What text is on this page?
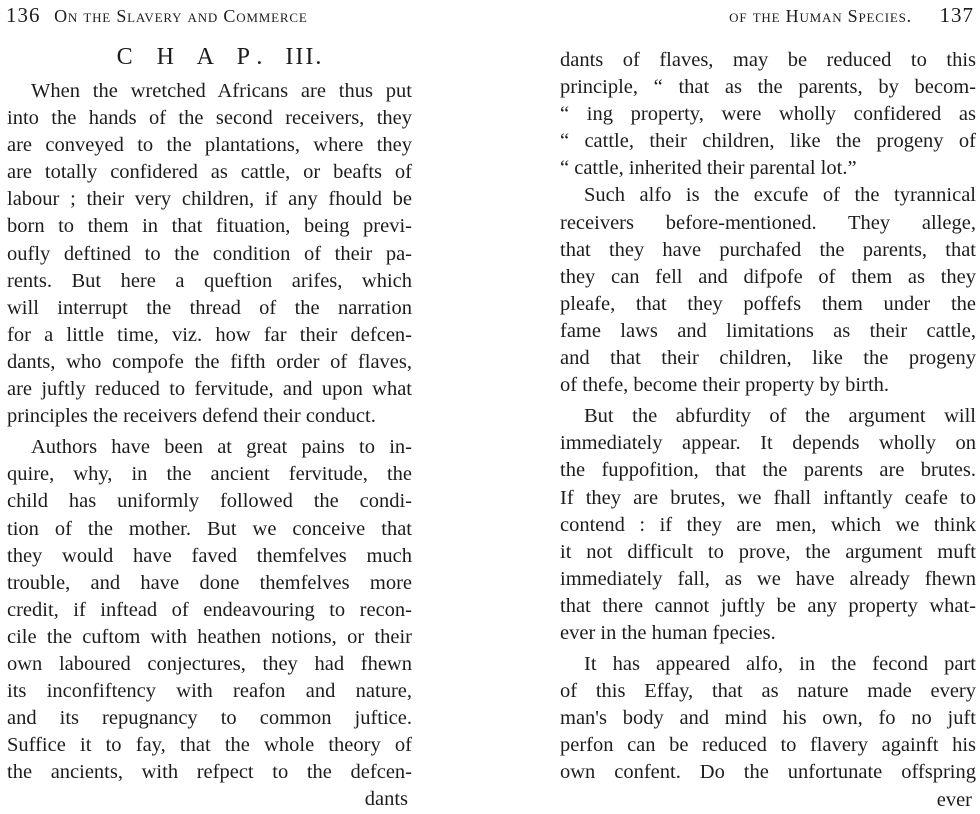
136 On the Slavery and Commerce
C H A P. III.
When the wretched Africans are thus put
into the hands of the second receivers, they
are conveyed to the plantations, where they
are totally confidered as cattle, or beafts of
labour ; their very children, if any fhould be
born to them in that fituation, being previ-
oufly deftined to the condition of their pa-
rents. But here a queftion arifes, which
will interrupt the thread of the narration
for a little time, viz. how far their defcen-
dants, who compofe the fifth order of flaves,
are juftly reduced to fervitude, and upon what
principles the receivers defend their conduct.
Authors have been at great pains to in-
quire, why, in the ancient fervitude, the
child has uniformly followed the condi-
tion of the mother. But we conceive that
they would have faved themfelves much
trouble, and have done themfelves more
credit, if inftead of endeavouring to recon-
cile the cuftom with heathen notions, or their
own laboured conjectures, they had fhewn
its inconfiftency with reafon and nature,
and its repugnancy to common juftice.
Suffice it to fay, that the whole theory of
the ancients, with refpect to the defcen-
dants
of the Human Species. 137
dants of flaves, may be reduced to this
principle, “ that as the parents, by becom-
“ ing property, were wholly confidered as
“ cattle, their children, like the progeny of
“ cattle, inherited their parental lot.”
Such alfo is the excufe of the tyrannical
receivers before-mentioned. They allege,
that they have purchafed the parents, that
they can fell and difpofe of them as they
pleafe, that they poffefs them under the
fame laws and limitations as their cattle,
and that their children, like the progeny
of thefe, become their property by birth.
But the abfurdity of the argument will
immediately appear. It depends wholly on
the fuppofition, that the parents are brutes.
If they are brutes, we fhall inftantly ceafe to
contend : if they are men, which we think
it not difficult to prove, the argument muft
immediately fall, as we have already fhewn
that there cannot juftly be any property what-
ever in the human fpecies.
It has appeared alfo, in the fecond part
of this Effay, that as nature made every
man's body and mind his own, fo no juft
perfon can be reduced to flavery againft his
own confent. Do the unfortunate offspring
ever
